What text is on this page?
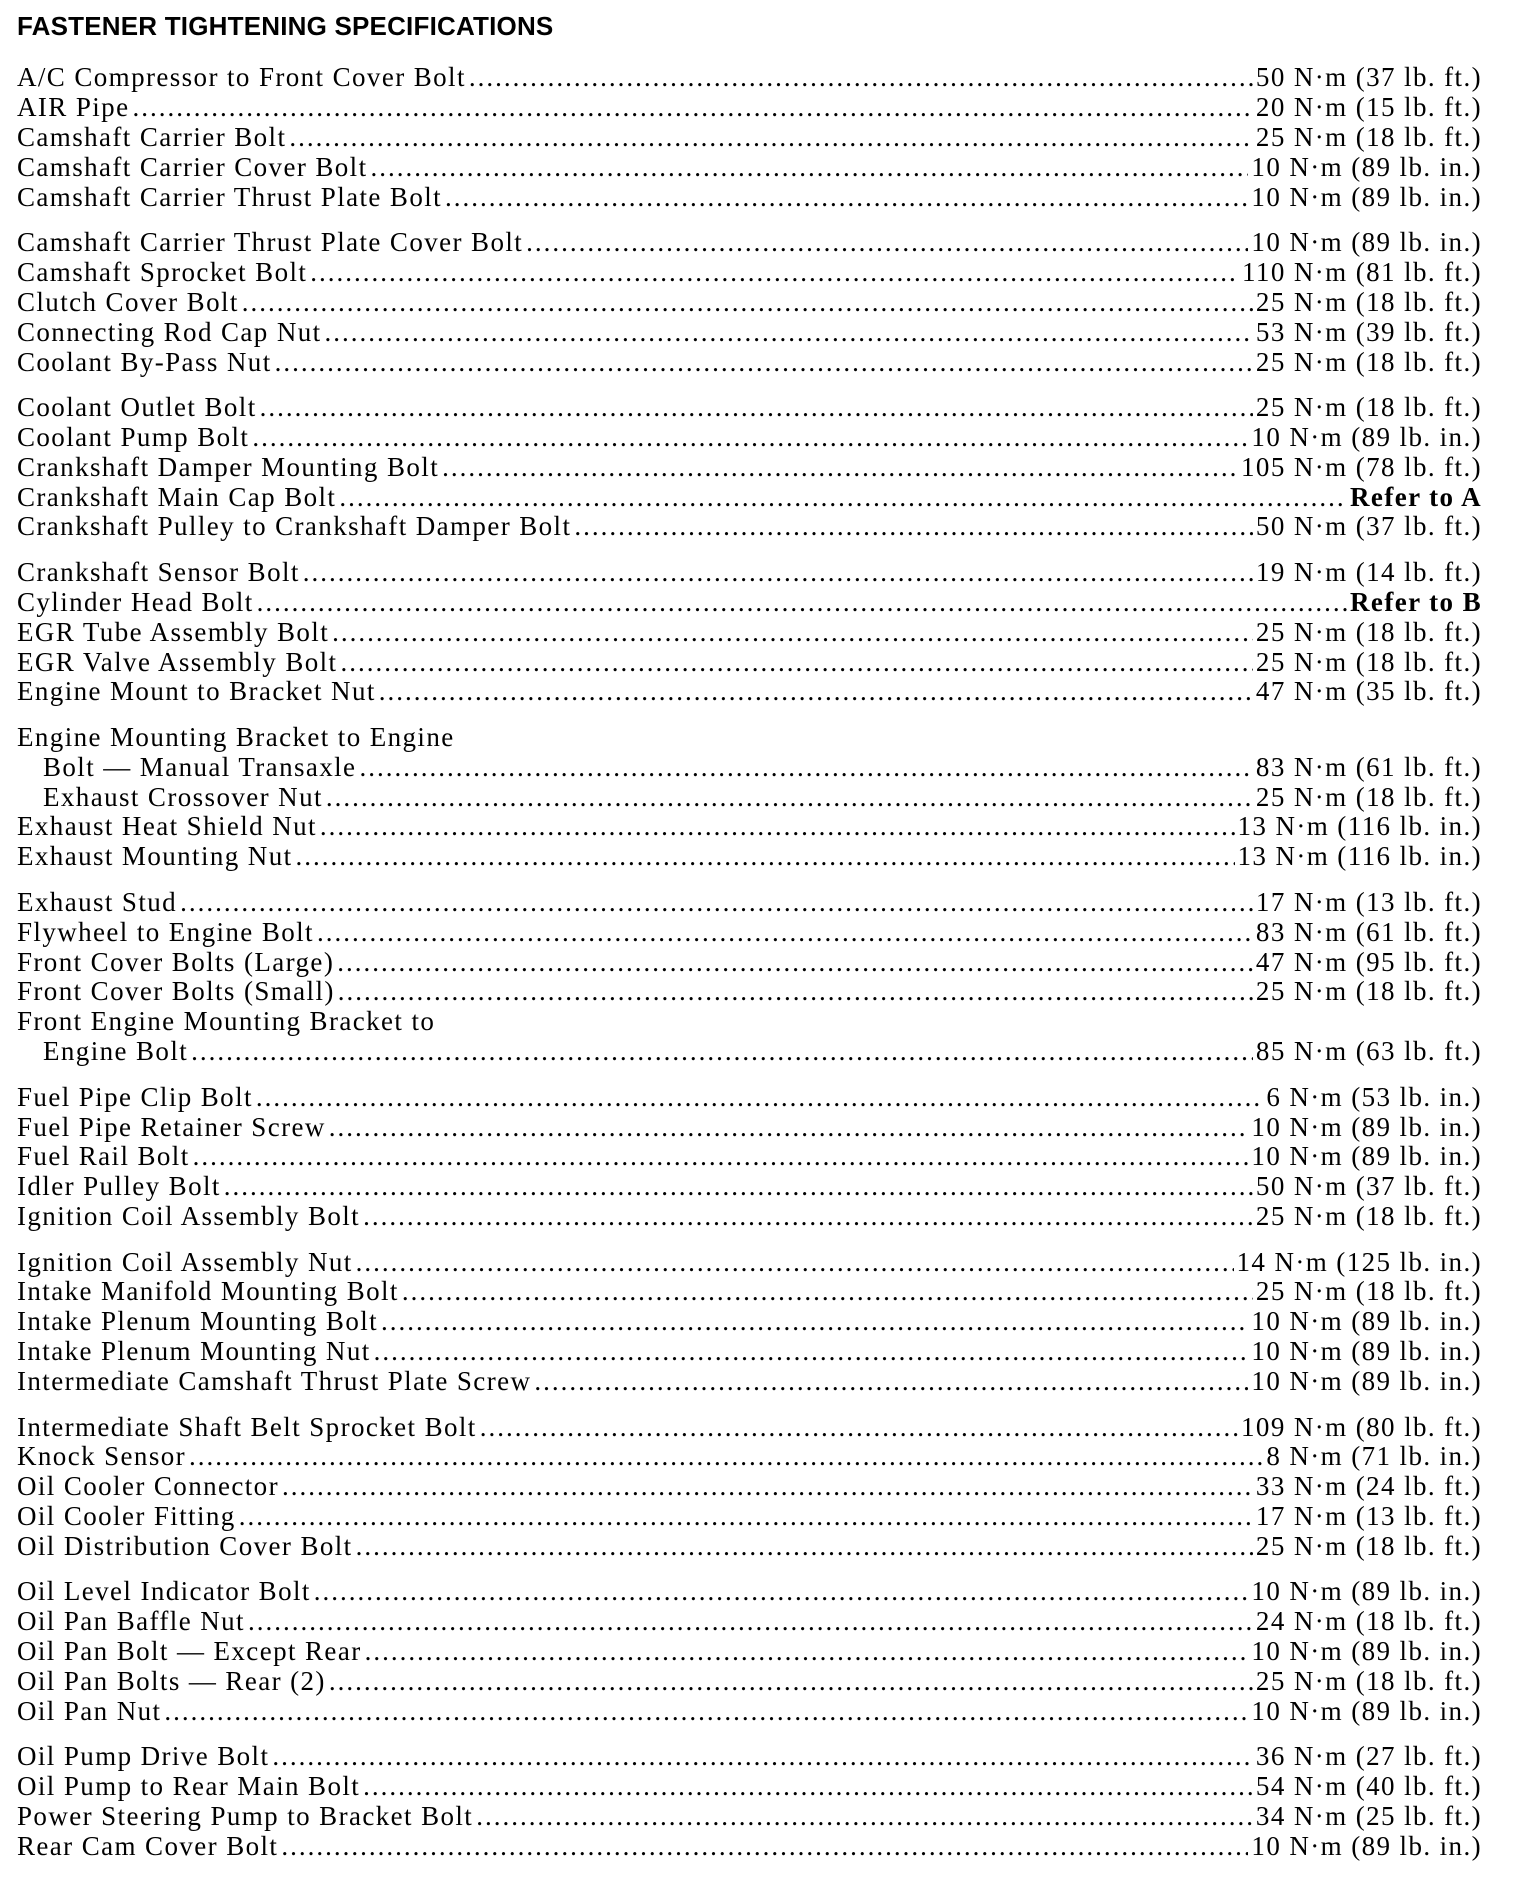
FASTENER TIGHTENING SPECIFICATIONS
A/C Compressor to Front Cover Bolt .....	50 N·m (37 lb. ft.)
AIR Pipe .....	20 N·m (15 lb. ft.)
Camshaft Carrier Bolt .....	25 N·m (18 lb. ft.)
Camshaft Carrier Cover Bolt .....	10 N·m (89 lb. in.)
Camshaft Carrier Thrust Plate Bolt .....	10 N·m (89 lb. in.)
Camshaft Carrier Thrust Plate Cover Bolt .....	10 N·m (89 lb. in.)
Camshaft Sprocket Bolt .....	110 N·m (81 lb. ft.)
Clutch Cover Bolt .....	25 N·m (18 lb. ft.)
Connecting Rod Cap Nut .....	53 N·m (39 lb. ft.)
Coolant By-Pass Nut .....	25 N·m (18 lb. ft.)
Coolant Outlet Bolt .....	25 N·m (18 lb. ft.)
Coolant Pump Bolt .....	10 N·m (89 lb. in.)
Crankshaft Damper Mounting Bolt .....	105 N·m (78 lb. ft.)
Crankshaft Main Cap Bolt .....	Refer to A
Crankshaft Pulley to Crankshaft Damper Bolt .....	50 N·m (37 lb. ft.)
Crankshaft Sensor Bolt .....	19 N·m (14 lb. ft.)
Cylinder Head Bolt .....	Refer to B
EGR Tube Assembly Bolt .....	25 N·m (18 lb. ft.)
EGR Valve Assembly Bolt .....	25 N·m (18 lb. ft.)
Engine Mount to Bracket Nut .....	47 N·m (35 lb. ft.)
Engine Mounting Bracket to Engine
Bolt — Manual Transaxle .....	83 N·m (61 lb. ft.)
Exhaust Crossover Nut .....	25 N·m (18 lb. ft.)
Exhaust Heat Shield Nut .....	13 N·m (116 lb. in.)
Exhaust Mounting Nut .....	13 N·m (116 lb. in.)
Exhaust Stud .....	17 N·m (13 lb. ft.)
Flywheel to Engine Bolt .....	83 N·m (61 lb. ft.)
Front Cover Bolts (Large) .....	47 N·m (95 lb. ft.)
Front Cover Bolts (Small) .....	25 N·m (18 lb. ft.)
Front Engine Mounting Bracket to
Engine Bolt .....	85 N·m (63 lb. ft.)
Fuel Pipe Clip Bolt .....	6 N·m (53 lb. in.)
Fuel Pipe Retainer Screw .....	10 N·m (89 lb. in.)
Fuel Rail Bolt .....	10 N·m (89 lb. in.)
Idler Pulley Bolt .....	50 N·m (37 lb. ft.)
Ignition Coil Assembly Bolt .....	25 N·m (18 lb. ft.)
Ignition Coil Assembly Nut .....	14 N·m (125 lb. in.)
Intake Manifold Mounting Bolt .....	25 N·m (18 lb. ft.)
Intake Plenum Mounting Bolt .....	10 N·m (89 lb. in.)
Intake Plenum Mounting Nut .....	10 N·m (89 lb. in.)
Intermediate Camshaft Thrust Plate Screw .....	10 N·m (89 lb. in.)
Intermediate Shaft Belt Sprocket Bolt .....	109 N·m (80 lb. ft.)
Knock Sensor .....	8 N·m (71 lb. in.)
Oil Cooler Connector .....	33 N·m (24 lb. ft.)
Oil Cooler Fitting .....	17 N·m (13 lb. ft.)
Oil Distribution Cover Bolt .....	25 N·m (18 lb. ft.)
Oil Level Indicator Bolt .....	10 N·m (89 lb. in.)
Oil Pan Baffle Nut .....	24 N·m (18 lb. ft.)
Oil Pan Bolt — Except Rear .....	10 N·m (89 lb. in.)
Oil Pan Bolts — Rear (2) .....	25 N·m (18 lb. ft.)
Oil Pan Nut .....	10 N·m (89 lb. in.)
Oil Pump Drive Bolt .....	36 N·m (27 lb. ft.)
Oil Pump to Rear Main Bolt .....	54 N·m (40 lb. ft.)
Power Steering Pump to Bracket Bolt .....	34 N·m (25 lb. ft.)
Rear Cam Cover Bolt .....	10 N·m (89 lb. in.)
